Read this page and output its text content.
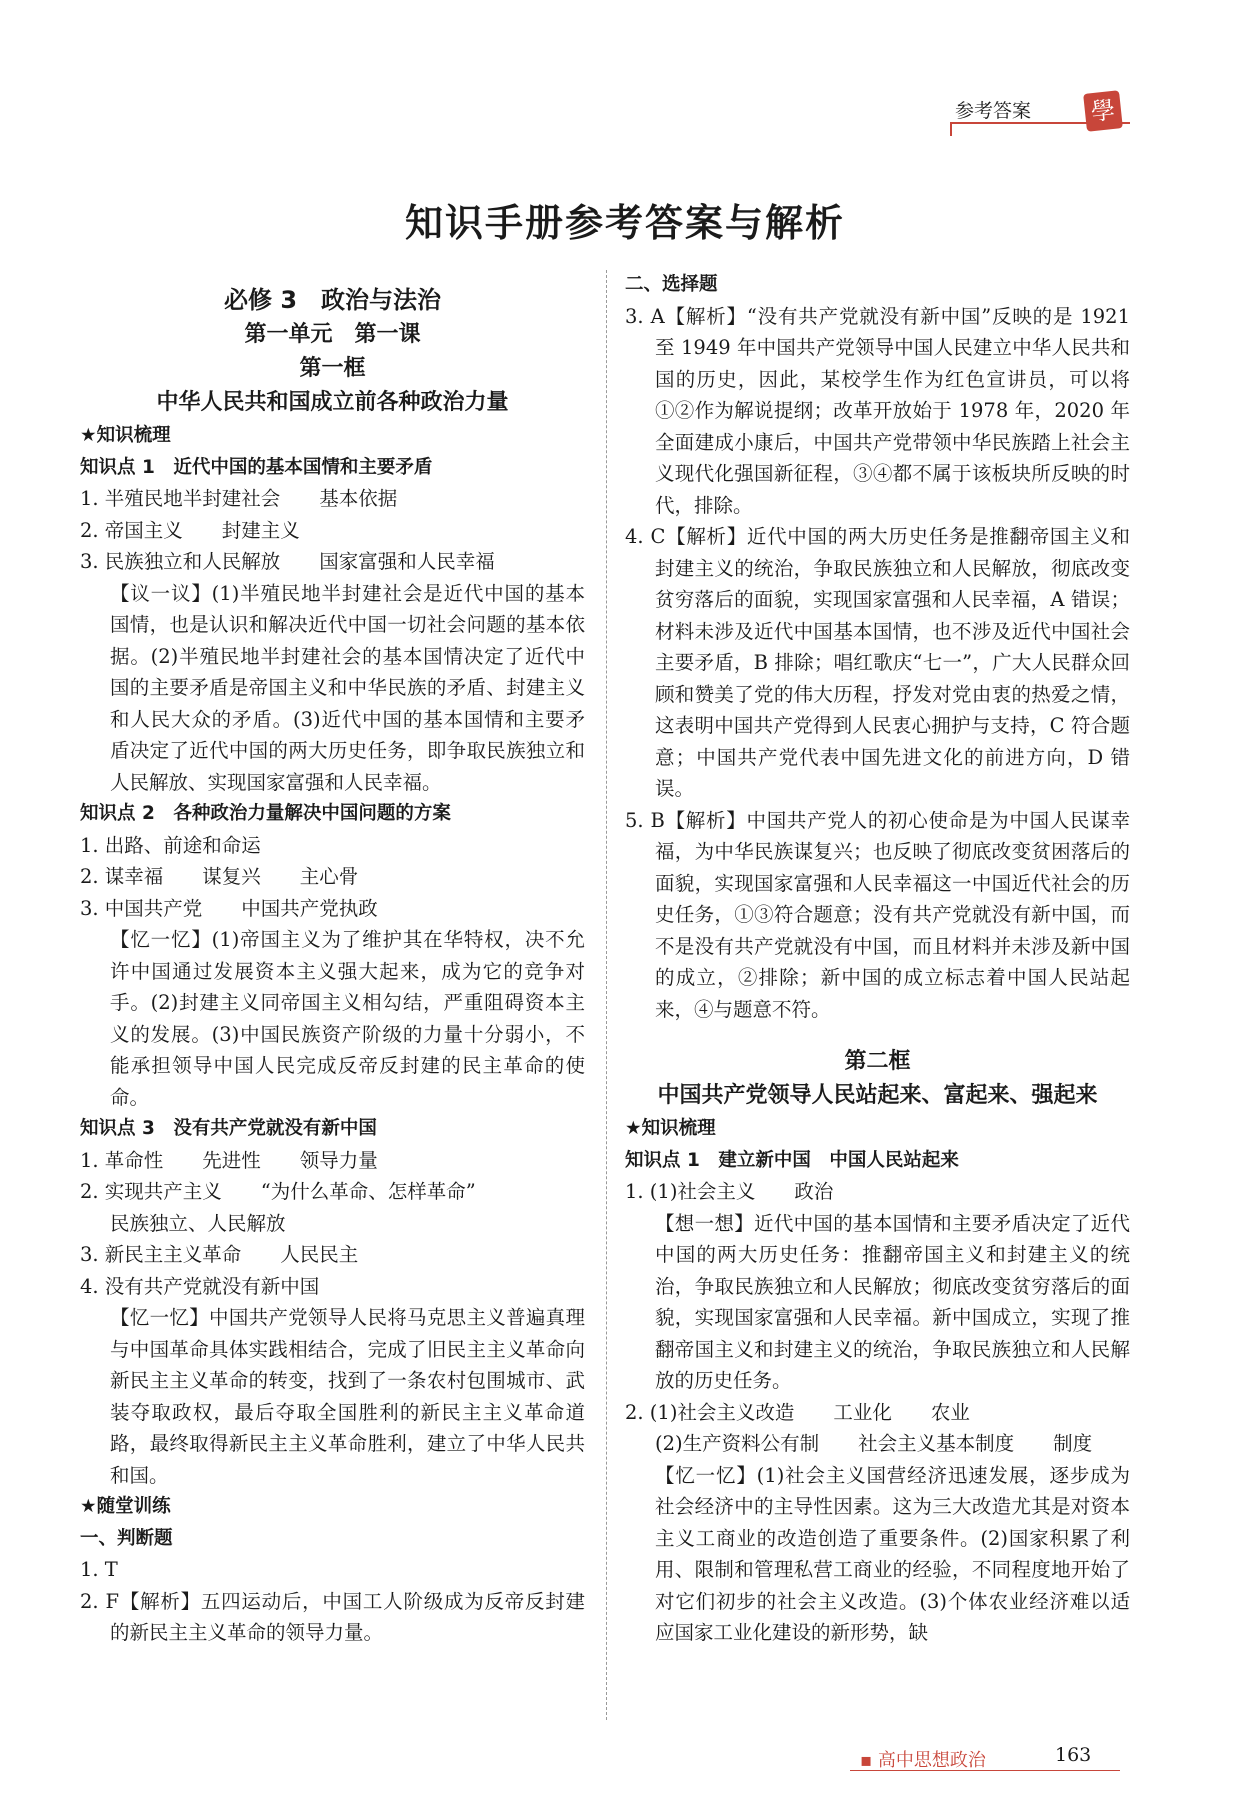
参考答案 學
知识手册参考答案与解析

必修 3　政治与法治

第一单元　第一课

第一框

中华人民共和国成立前各种政治力量

★知识梳理

知识点 1　近代中国的基本国情和主要矛盾

1. 半殖民地半封建社会　　基本依据

2. 帝国主义　　封建主义

3. 民族独立和人民解放　　国家富强和人民幸福

【议一议】(1)半殖民地半封建社会是近代中国的基本国情，也是认识和解决近代中国一切社会问题的基本依据。(2)半殖民地半封建社会的基本国情决定了近代中国的主要矛盾是帝国主义和中华民族的矛盾、封建主义和人民大众的矛盾。(3)近代中国的基本国情和主要矛盾决定了近代中国的两大历史任务，即争取民族独立和人民解放、实现国家富强和人民幸福。

知识点 2　各种政治力量解决中国问题的方案

1. 出路、前途和命运

2. 谋幸福　　谋复兴　　主心骨

3. 中国共产党　　中国共产党执政

【忆一忆】(1)帝国主义为了维护其在华特权，决不允许中国通过发展资本主义强大起来，成为它的竞争对手。(2)封建主义同帝国主义相勾结，严重阻碍资本主义的发展。(3)中国民族资产阶级的力量十分弱小，不能承担领导中国人民完成反帝反封建的民主革命的使命。

知识点 3　没有共产党就没有新中国

1. 革命性　　先进性　　领导力量

2. 实现共产主义　　“为什么革命、怎样革命”

民族独立、人民解放

3. 新民主主义革命　　人民民主

4. 没有共产党就没有新中国

【忆一忆】中国共产党领导人民将马克思主义普遍真理与中国革命具体实践相结合，完成了旧民主主义革命向新民主主义革命的转变，找到了一条农村包围城市、武装夺取政权，最后夺取全国胜利的新民主主义革命道路，最终取得新民主主义革命胜利，建立了中华人民共和国。

★随堂训练

一、判断题

1. T

2. F【解析】五四运动后，中国工人阶级成为反帝反封建的新民主主义革命的领导力量。

二、选择题

3. A【解析】“没有共产党就没有新中国”反映的是 1921 至 1949 年中国共产党领导中国人民建立中华人民共和国的历史，因此，某校学生作为红色宣讲员，可以将①②作为解说提纲；改革开放始于 1978 年，2020 年全面建成小康后，中国共产党带领中华民族踏上社会主义现代化强国新征程，③④都不属于该板块所反映的时代，排除。

4. C【解析】近代中国的两大历史任务是推翻帝国主义和封建主义的统治，争取民族独立和人民解放，彻底改变贫穷落后的面貌，实现国家富强和人民幸福，A 错误；材料未涉及近代中国基本国情，也不涉及近代中国社会主要矛盾，B 排除；唱红歌庆“七一”，广大人民群众回顾和赞美了党的伟大历程，抒发对党由衷的热爱之情，这表明中国共产党得到人民衷心拥护与支持，C 符合题意；中国共产党代表中国先进文化的前进方向，D 错误。

5. B【解析】中国共产党人的初心使命是为中国人民谋幸福，为中华民族谋复兴；也反映了彻底改变贫困落后的面貌，实现国家富强和人民幸福这一中国近代社会的历史任务，①③符合题意；没有共产党就没有新中国，而不是没有共产党就没有中国，而且材料并未涉及新中国的成立，②排除；新中国的成立标志着中国人民站起来，④与题意不符。

第二框

中国共产党领导人民站起来、富起来、强起来

★知识梳理

知识点 1　建立新中国　中国人民站起来

1. (1)社会主义　　政治

【想一想】近代中国的基本国情和主要矛盾决定了近代中国的两大历史任务：推翻帝国主义和封建主义的统治，争取民族独立和人民解放；彻底改变贫穷落后的面貌，实现国家富强和人民幸福。新中国成立，实现了推翻帝国主义和封建主义的统治，争取民族独立和人民解放的历史任务。

2. (1)社会主义改造　　工业化　　农业

(2)生产资料公有制　　社会主义基本制度　　制度

【忆一忆】(1)社会主义国营经济迅速发展，逐步成为社会经济中的主导性因素。这为三大改造尤其是对资本主义工商业的改造创造了重要条件。(2)国家积累了利用、限制和管理私营工商业的经验，不同程度地开始了对它们初步的社会主义改造。(3)个体农业经济难以适应国家工业化建设的新形势，缺

▪ 高中思想政治	163
